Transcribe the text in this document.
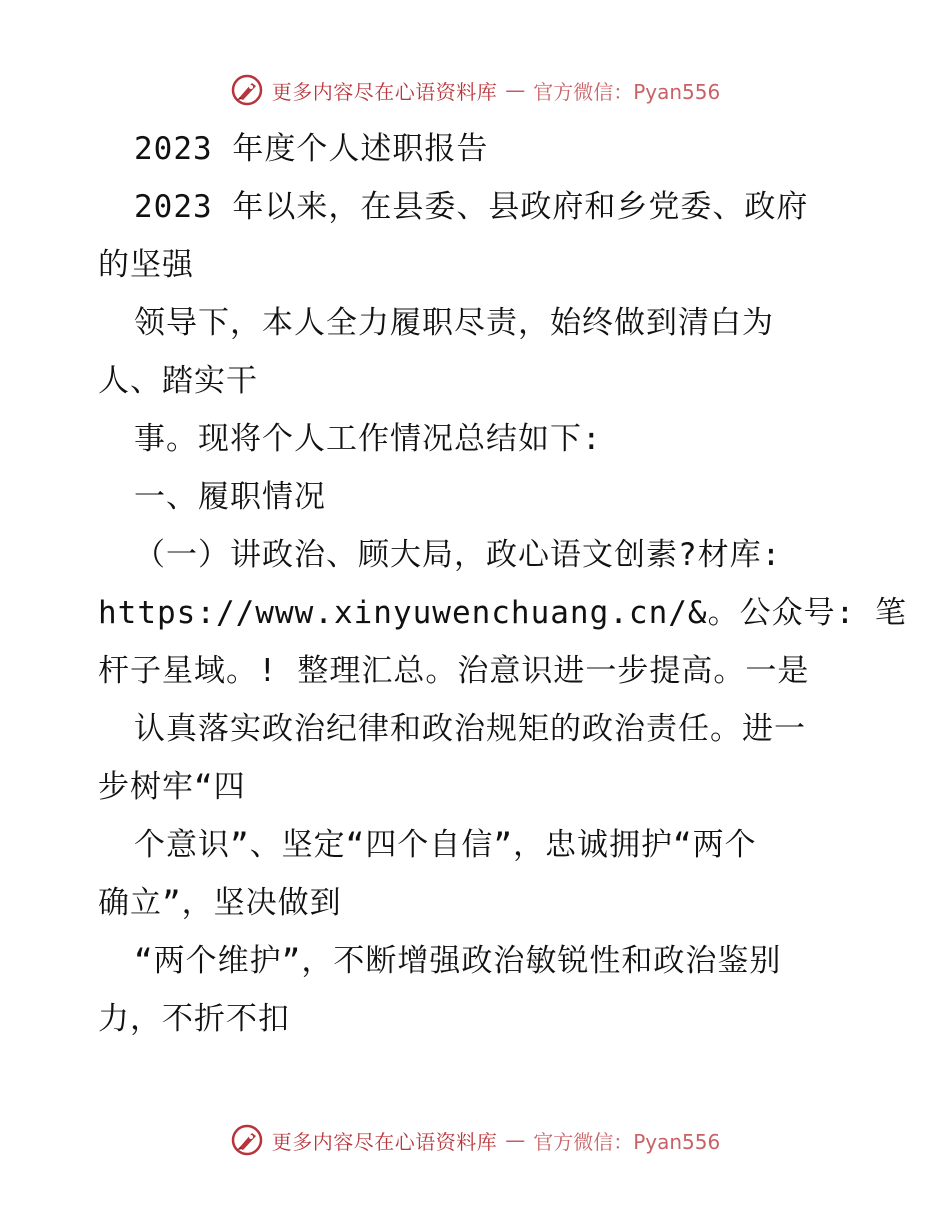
更多内容尽在心语资料库 — 官方微信：Pyan556
2023 年度个人述职报告
2023 年以来，在县委、县政府和乡党委、政府
的坚强
领导下，本人全力履职尽责，始终做到清白为
人、踏实干
事。现将个人工作情况总结如下:
一、履职情况
（一）讲政治、顾大局，政心语文创素?材库:
https://www.xinyuwenchuang.cn/&。公众号: 笔
杆子星域。! 整理汇总。治意识进一步提高。一是
认真落实政治纪律和政治规矩的政治责任。进一
步树牢“四
个意识”、坚定“四个自信”，忠诚拥护“两个
确立”，坚决做到
“两个维护”，不断增强政治敏锐性和政治鉴别
力，不折不扣
更多内容尽在心语资料库 — 官方微信：Pyan556
